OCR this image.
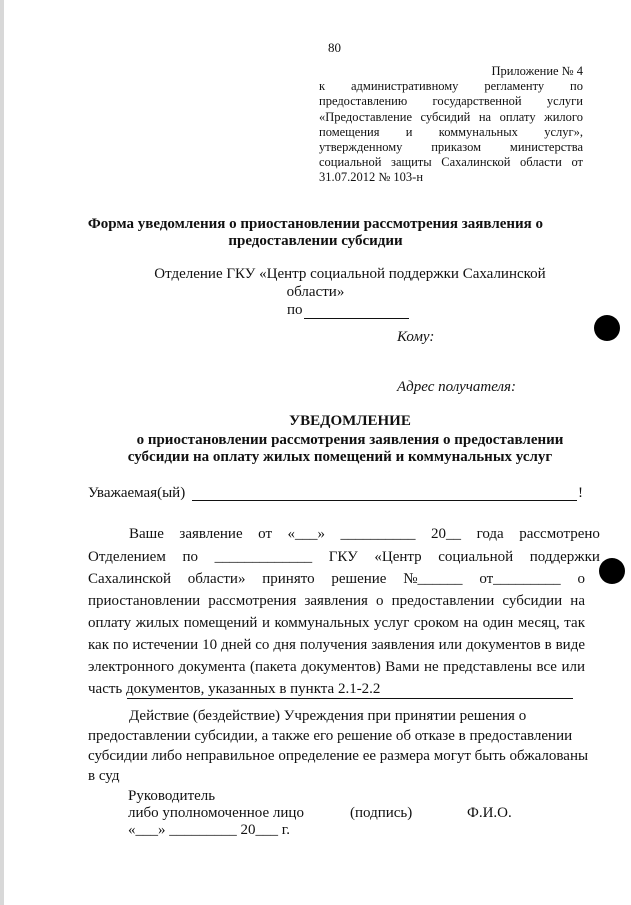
80
Приложение № 4
к административному регламенту по
предоставлению государственной услуги
«Предоставление субсидий на оплату жилого
помещения и коммунальных услуг»,
утвержденному приказом министерства
социальной защиты Сахалинской области от
31.07.2012 № 103-н
Форма уведомления о приостановлении рассмотрения заявления о
предоставлении субсидии
Отделение ГКУ «Центр социальной поддержки Сахалинской
области»
по
Кому:
Адрес получателя:
УВЕДОМЛЕНИЕ
о приостановлении рассмотрения заявления о предоставлении
субсидии на оплату жилых помещений и коммунальных услуг
Уважаемая(ый)	!
Ваше заявление от «___» __________ 20__ года рассмотрено
Отделением по _____________ ГКУ «Центр социальной поддержки
Сахалинской области» принято решение №______ от_________ о
приостановлении рассмотрения заявления о предоставлении субсидии на
оплату жилых помещений и коммунальных услуг сроком на один месяц, так
как по истечении 10 дней со дня получения заявления или документов в виде
электронного документа (пакета документов) Вами не представлены все или
часть документов, указанных в пункта 2.1-2.2
Действие (бездействие) Учреждения при принятии решения о
предоставлении субсидии, а также его решение об отказе в предоставлении
субсидии либо неправильное определение ее размера могут быть обжалованы
в суд
Руководитель
либо уполномоченное лицо	(подпись)	Ф.И.О.
«___» _________ 20___ г.
